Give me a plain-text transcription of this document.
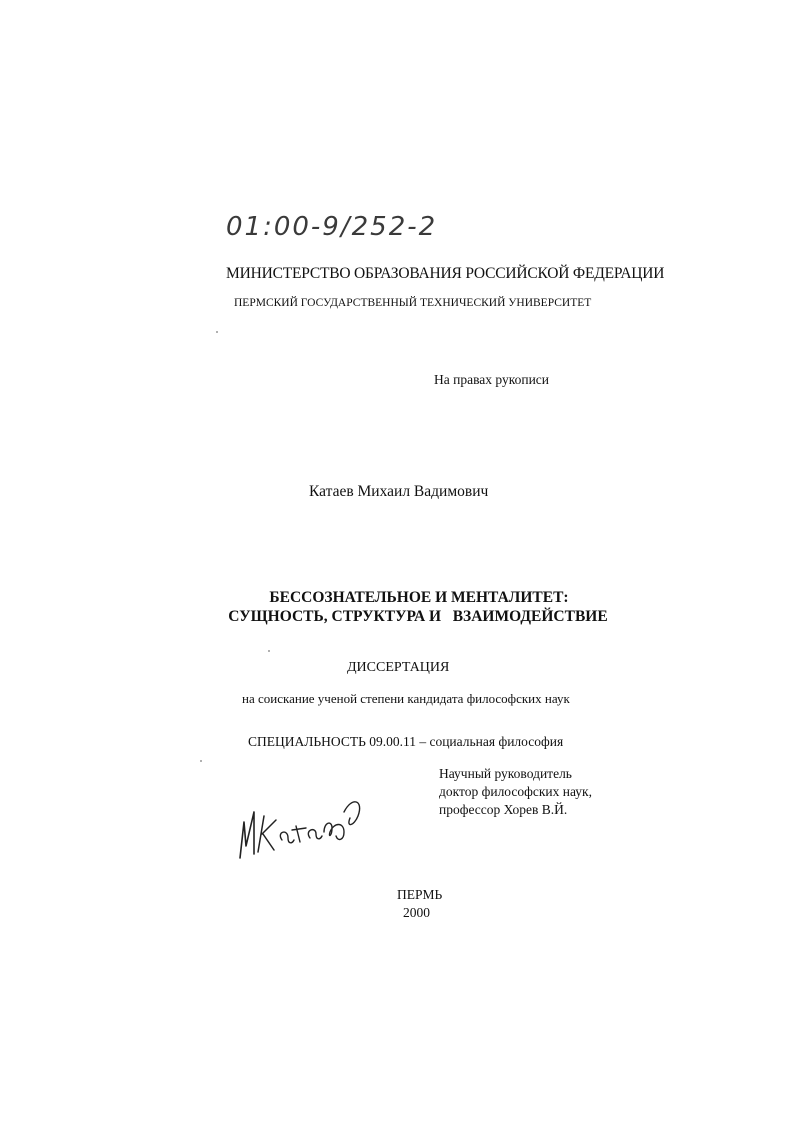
01:00-9/252-2
МИНИСТЕРСТВО ОБРАЗОВАНИЯ РОССИЙСКОЙ ФЕДЕРАЦИИ
ПЕРМСКИЙ ГОСУДАРСТВЕННЫЙ ТЕХНИЧЕСКИЙ УНИВЕРСИТЕТ
На правах рукописи
Катаев Михаил Вадимович
БЕССОЗНАТЕЛЬНОЕ И МЕНТАЛИТЕТ:
СУЩНОСТЬ, СТРУКТУРА И   ВЗАИМОДЕЙСТВИЕ
ДИССЕРТАЦИЯ
на соискание ученой степени кандидата философских наук
СПЕЦИАЛЬНОСТЬ 09.00.11 – социальная философия
Научный руководитель
доктор философских наук,
профессор Хорев В.Й.
ПЕРМЬ
2000
